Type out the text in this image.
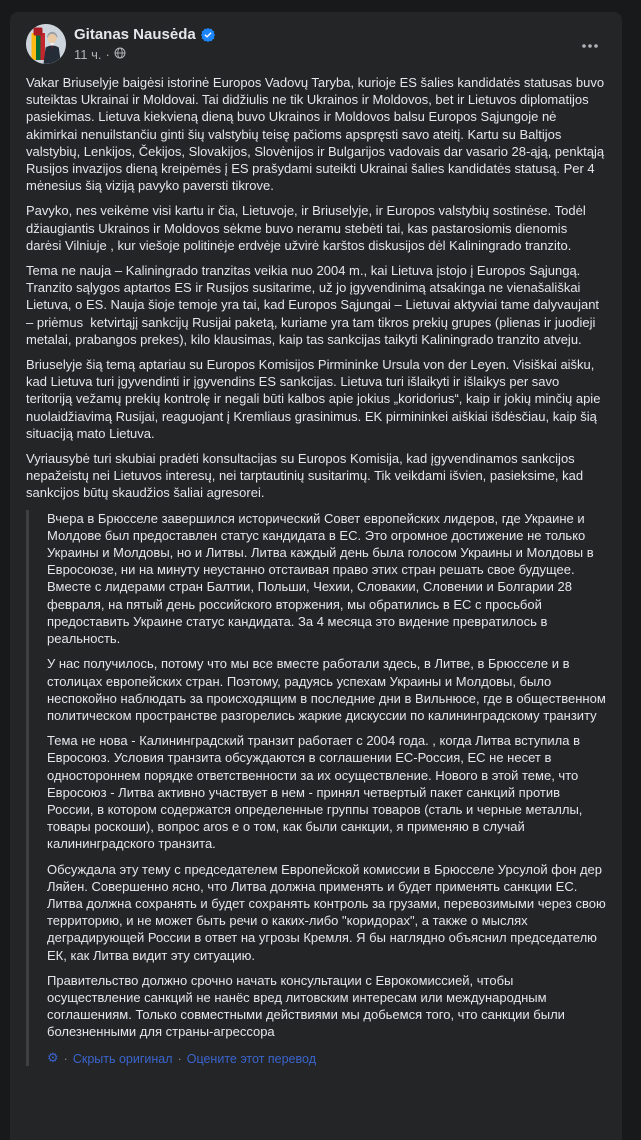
Gitanas Nausėda
11 ч. ·

Vakar Briuselyje baigėsi istorinė Europos Vadovų Taryba, kurioje ES šalies kandidatės statusas buvo suteiktas Ukrainai ir Moldovai. Tai didžiulis ne tik Ukrainos ir Moldovos, bet ir Lietuvos diplomatijos pasiekimas. Lietuva kiekvieną dieną buvo Ukrainos ir Moldovos balsu Europos Sąjungoje nė akimirkai nenuilstančiu ginti šių valstybių teisę pačioms apspręsti savo ateitį. Kartu su Baltijos valstybių, Lenkijos, Čekijos, Slovakijos, Slovėnijos ir Bulgarijos vadovais dar vasario 28-ąją, penktąją Rusijos invazijos dieną kreipėmės į ES prašydami suteikti Ukrainai šalies kandidatės statusą. Per 4 mėnesius šią viziją pavyko paversti tikrove.

Pavyko, nes veikėme visi kartu ir čia, Lietuvoje, ir Briuselyje, ir Europos valstybių sostinėse. Todėl džiaugiantis Ukrainos ir Moldovos sėkme buvo neramu stebėti tai, kas pastarosiomis dienomis darėsi Vilniuje , kur viešoje politinėje erdvėje užvirė karštos diskusijos dėl Kaliningrado tranzito.

Tema ne nauja – Kaliningrado tranzitas veikia nuo 2004 m., kai Lietuva įstojo į Europos Sąjungą. Tranzito sąlygos aptartos ES ir Rusijos susitarime, už jo įgyvendinimą atsakinga ne vienašališkai Lietuva, o ES. Nauja šioje temoje yra tai, kad Europos Sąjungai – Lietuvai aktyviai tame dalyvaujant – priėmus  ketvirtąjį sankcijų Rusijai paketą, kuriame yra tam tikros prekių grupes (plienas ir juodieji metalai, prabangos prekes), kilo klausimas, kaip tas sankcijas taikyti Kaliningrado tranzito atveju.

Briuselyje šią temą aptariau su Europos Komisijos Pirmininke Ursula von der Leyen. Visiškai aišku, kad Lietuva turi įgyvendinti ir įgyvendins ES sankcijas. Lietuva turi išlaikyti ir išlaikys per savo teritoriją vežamų prekių kontrolę ir negali būti kalbos apie jokius „koridorius“, kaip ir jokių minčių apie nuolaidžiavimą Rusijai, reaguojant į Kremliaus grasinimus. EK pirmininkei aiškiai išdėsčiau, kaip šią situaciją mato Lietuva.

Vyriausybė turi skubiai pradėti konsultacijas su Europos Komisija, kad įgyvendinamos sankcijos nepažeistų nei Lietuvos interesų, nei tarptautinių susitarimų. Tik veikdami išvien, pasieksime, kad sankcijos būtų skaudžios šaliai agresorei.

Вчера в Брюсселе завершился исторический Совет европейских лидеров, где Украине и Молдове был предоставлен статус кандидата в ЕС. Это огромное достижение не только Украины и Молдовы, но и Литвы. Литва каждый день была голосом Украины и Молдовы в Евросоюзе, ни на минуту неустанно отстаивая право этих стран решать свое будущее. Вместе с лидерами стран Балтии, Польши, Чехии, Словакии, Словении и Болгарии 28 февраля, на пятый день российского вторжения, мы обратились в ЕС с просьбой предоставить Украине статус кандидата. За 4 месяца это видение превратилось в реальность.

У нас получилось, потому что мы все вместе работали здесь, в Литве, в Брюсселе и в столицах европейских стран. Поэтому, радуясь успехам Украины и Молдовы, было неспокойно наблюдать за происходящим в последние дни в Вильнюсе, где в общественном политическом пространстве разгорелись жаркие дискуссии по калининградскому транзиту

Тема не нова - Калининградский транзит работает с 2004 года. , когда Литва вступила в Евросоюз. Условия транзита обсуждаются в соглашении ЕС-Россия, ЕС не несет в одностороннем порядке ответственности за их осуществление. Нового в этой теме, что Евросоюз - Литва активно участвует в нем - принял четвертый пакет санкций против России, в котором содержатся определенные группы товаров (сталь и черные металлы, товары роскоши), вопрос aros e о том, как были санкции, я применяю в случай калининградского транзита.

Обсуждала эту тему с председателем Европейской комиссии в Брюсселе Урсулой фон дер Ляйен. Совершенно ясно, что Литва должна применять и будет применять санкции ЕС. Литва должна сохранять и будет сохранять контроль за грузами, перевозимыми через свою территорию, и не может быть речи о каких-либо "коридорах", а также о мыслях деградирующей России в ответ на угрозы Кремля. Я бы наглядно объяснил председателю ЕК, как Литва видит эту ситуацию.

Правительство должно срочно начать консультации с Еврокомиссией, чтобы осуществление санкций не нанёс вред литовским интересам или международным соглашениям. Только совместными действиями мы добьемся того, что санкции были болезненными для страны-агрессора

⚙ · Скрыть оригинал · Оцените этот перевод
